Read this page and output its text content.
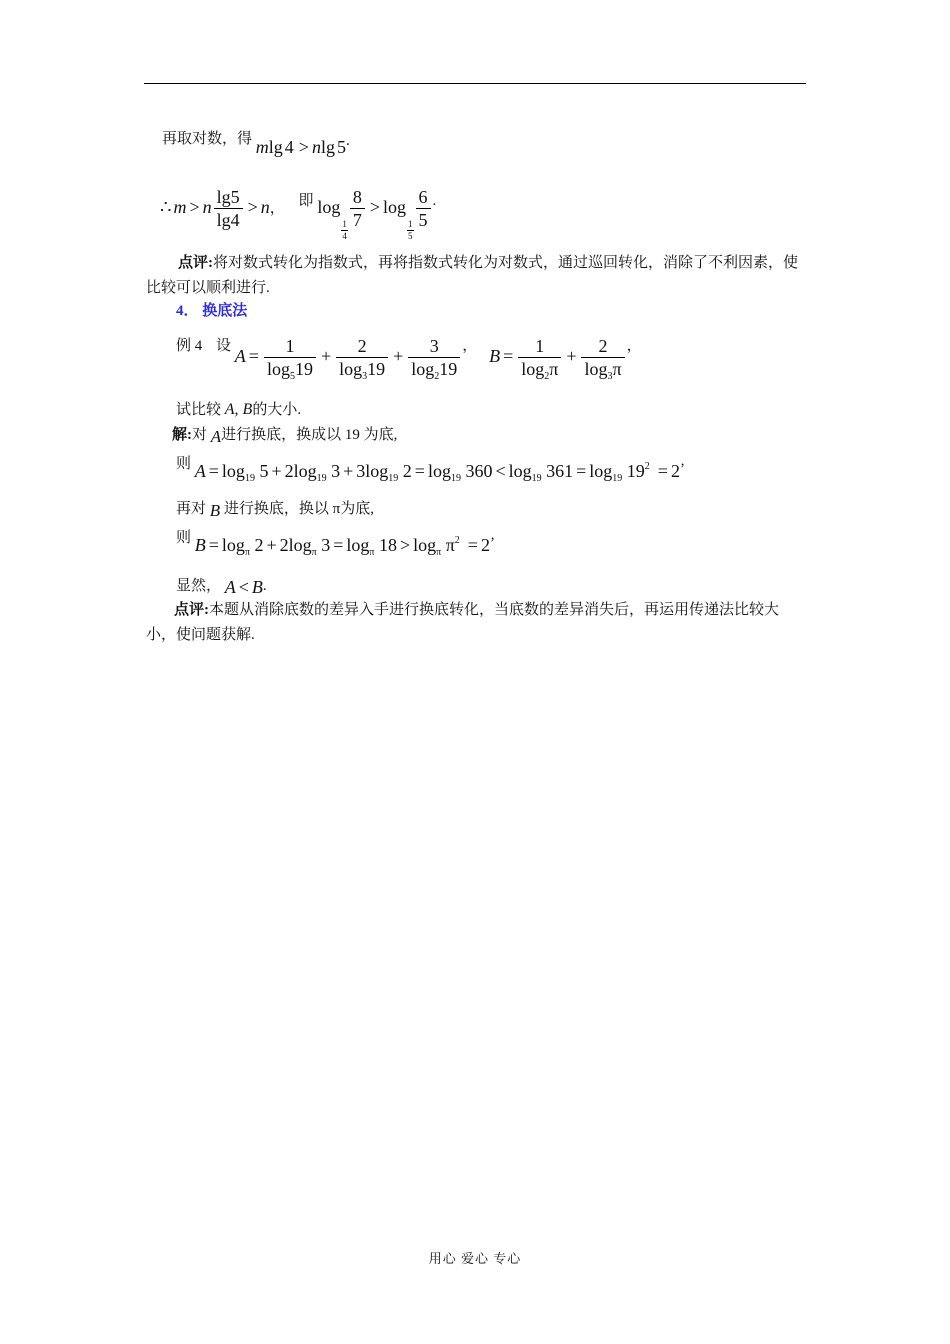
再取对数，得 mlg 4 > nlg 5.
∴ m > n $\frac{\lg 5}{\lg 4} > n$， 即 log
$\frac{1}{4} \frac{8}{7} > \log$
$\frac{1}{5} \frac{6}{5}$ .
点评:将对数式转化为指数式，再将指数式转化为对数式，通过巡回转化，消除了不利因素，使比较可以顺利进行.
4． 换底法
例 4 设 $A = \frac{1}{\log_519} + \frac{2}{\log_319} + \frac{3}{\log_219}$ ， $B = \frac{1}{\log_2\pi} + \frac{2}{\log_3\pi}$ ，
试比较 A, B的大小.
解:对 A进行换底，换成以 19 为底,
则 $A = \log_{19} 5 + 2\log_{19}$ $3 + 3\log_{19}$ $2 = \log_{19} 360 < \log_{19} 361 = \log_{19} 19^2 = 2$’
再对 B 进行换底，换以 π为底,
则 $B = \log_\pi 2 + 2\log_\pi$ $3 = \log_\pi 18 > \log_\pi \pi^2 = 2$’
显然， A < B.
点评:本题从消除底数的差异入手进行换底转化，当底数的差异消失后，再运用传递法比较大小，使问题获解.
用心 爱心 专心
